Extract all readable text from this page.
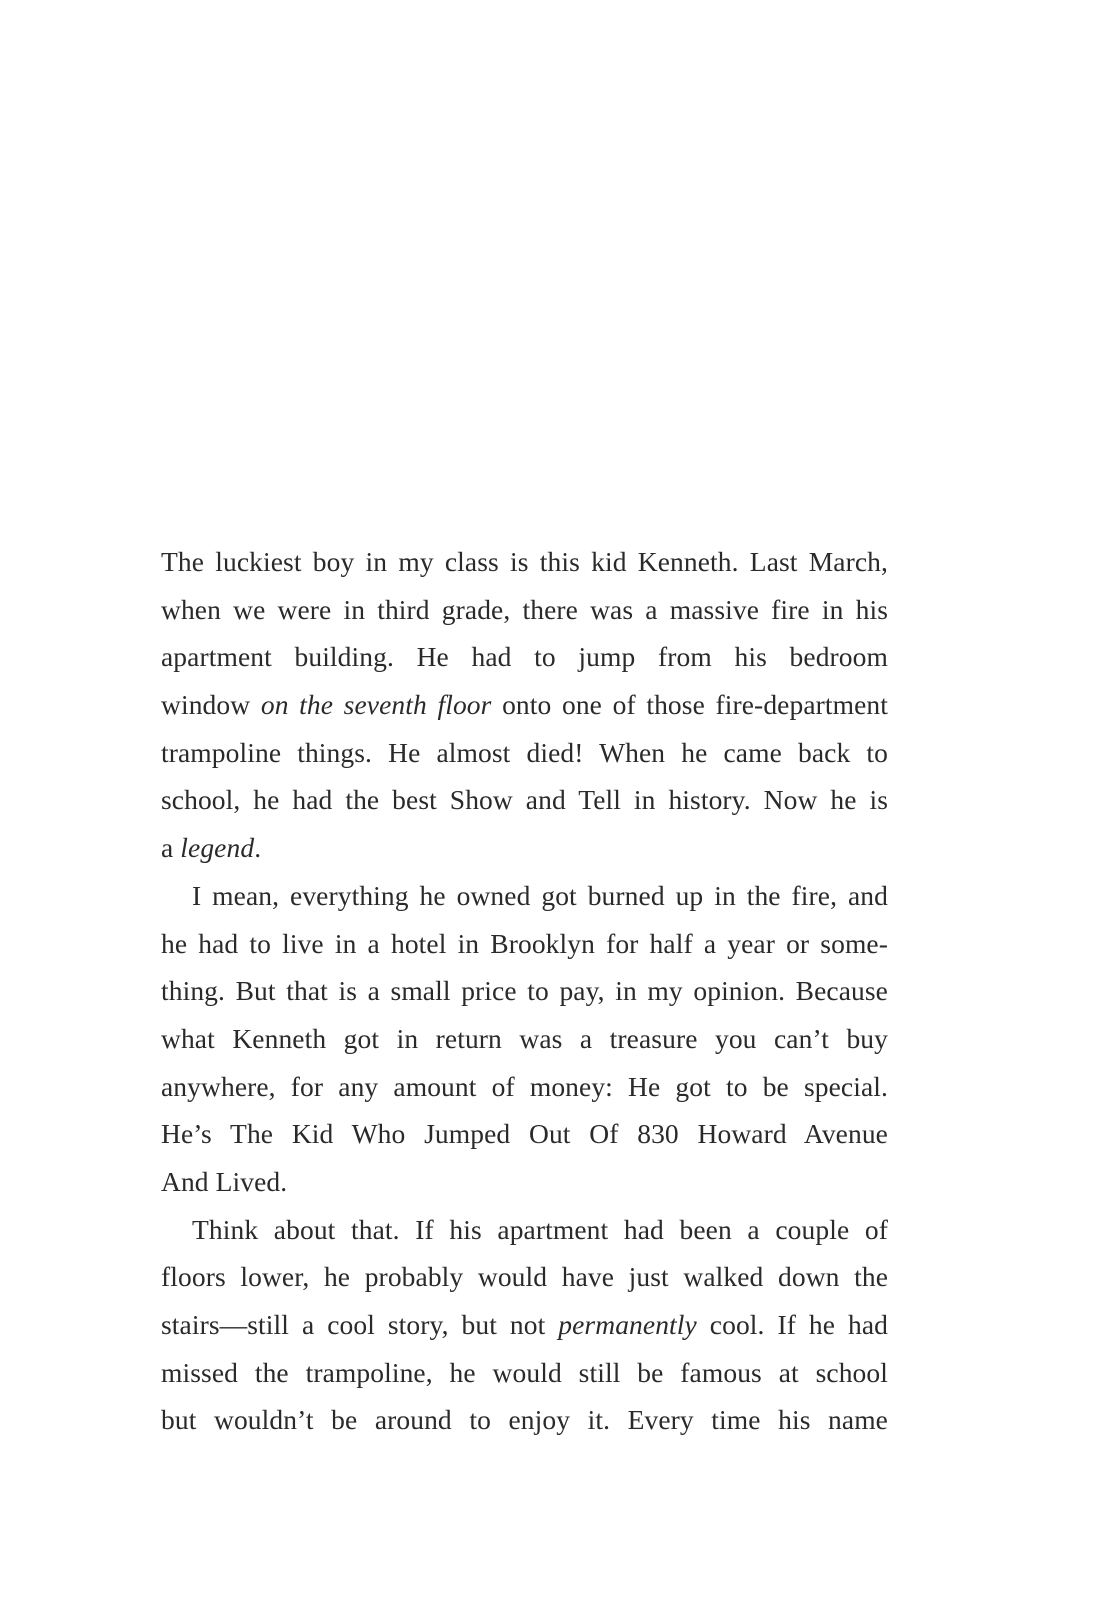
The luckiest boy in my class is this kid Kenneth. Last March,
when we were in third grade, there was a massive fire in his
apartment building. He had to jump from his bedroom
window on the seventh floor onto one of those fire-department
trampoline things. He almost died! When he came back to
school, he had the best Show and Tell in history. Now he is
a legend.
I mean, everything he owned got burned up in the fire, and
he had to live in a hotel in Brooklyn for half a year or some-
thing. But that is a small price to pay, in my opinion. Because
what Kenneth got in return was a treasure you can’t buy
anywhere, for any amount of money: He got to be special.
He’s The Kid Who Jumped Out Of 830 Howard Avenue
And Lived.
Think about that. If his apartment had been a couple of
floors lower, he probably would have just walked down the
stairs—still a cool story, but not permanently cool. If he had
missed the trampoline, he would still be famous at school
but wouldn’t be around to enjoy it. Every time his name
